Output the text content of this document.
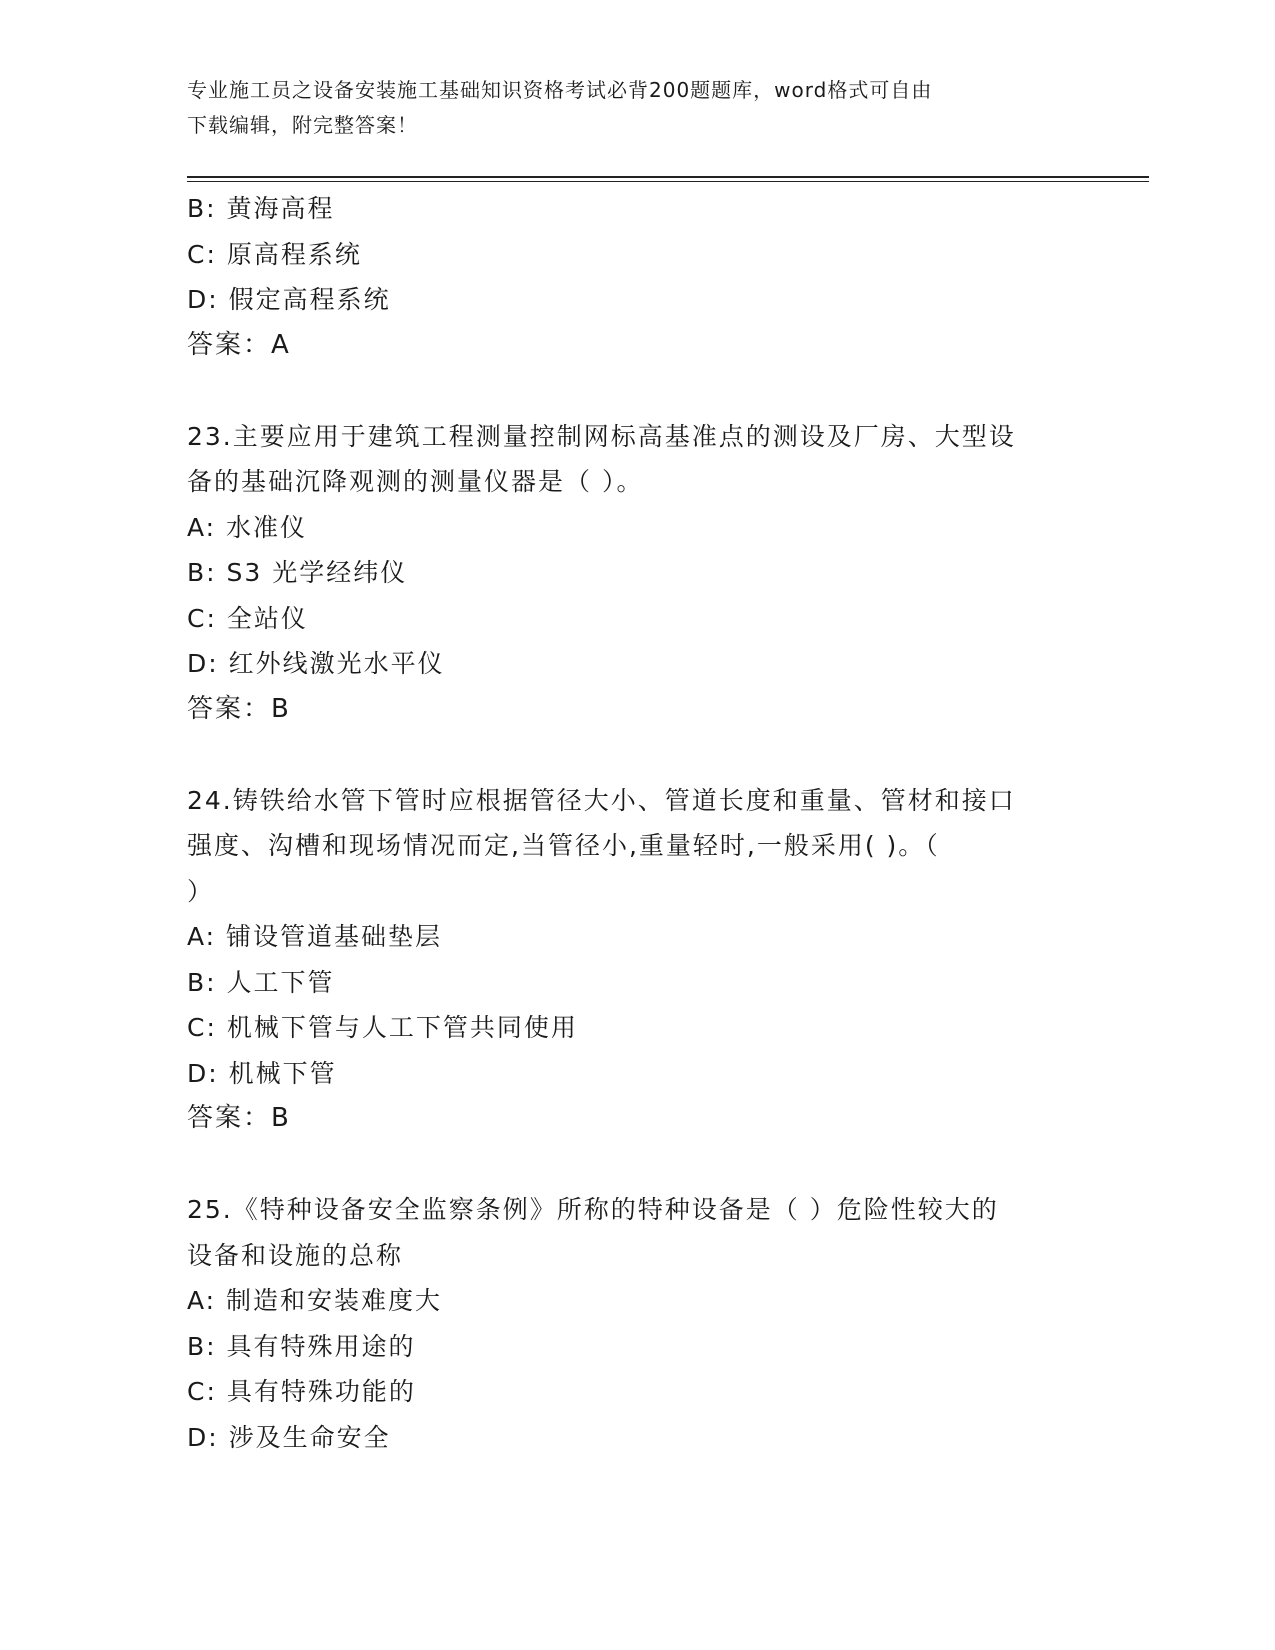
专业施工员之设备安装施工基础知识资格考试必背200题题库，word格式可自由
下载编辑，附完整答案！
B: 黄海高程
C: 原高程系统
D: 假定高程系统
答案：A
23.主要应用于建筑工程测量控制网标高基准点的测设及厂房、大型设
备的基础沉降观测的测量仪器是（ ）。
A: 水准仪
B: S3 光学经纬仪
C: 全站仪
D: 红外线激光水平仪
答案：B
24.铸铁给水管下管时应根据管径大小、管道长度和重量、管材和接口
强度、沟槽和现场情况而定,当管径小,重量轻时,一般采用( )。（
）
A: 铺设管道基础垫层
B: 人工下管
C: 机械下管与人工下管共同使用
D: 机械下管
答案：B
25.《特种设备安全监察条例》所称的特种设备是（ ）危险性较大的
设备和设施的总称
A: 制造和安装难度大
B: 具有特殊用途的
C: 具有特殊功能的
D: 涉及生命安全
